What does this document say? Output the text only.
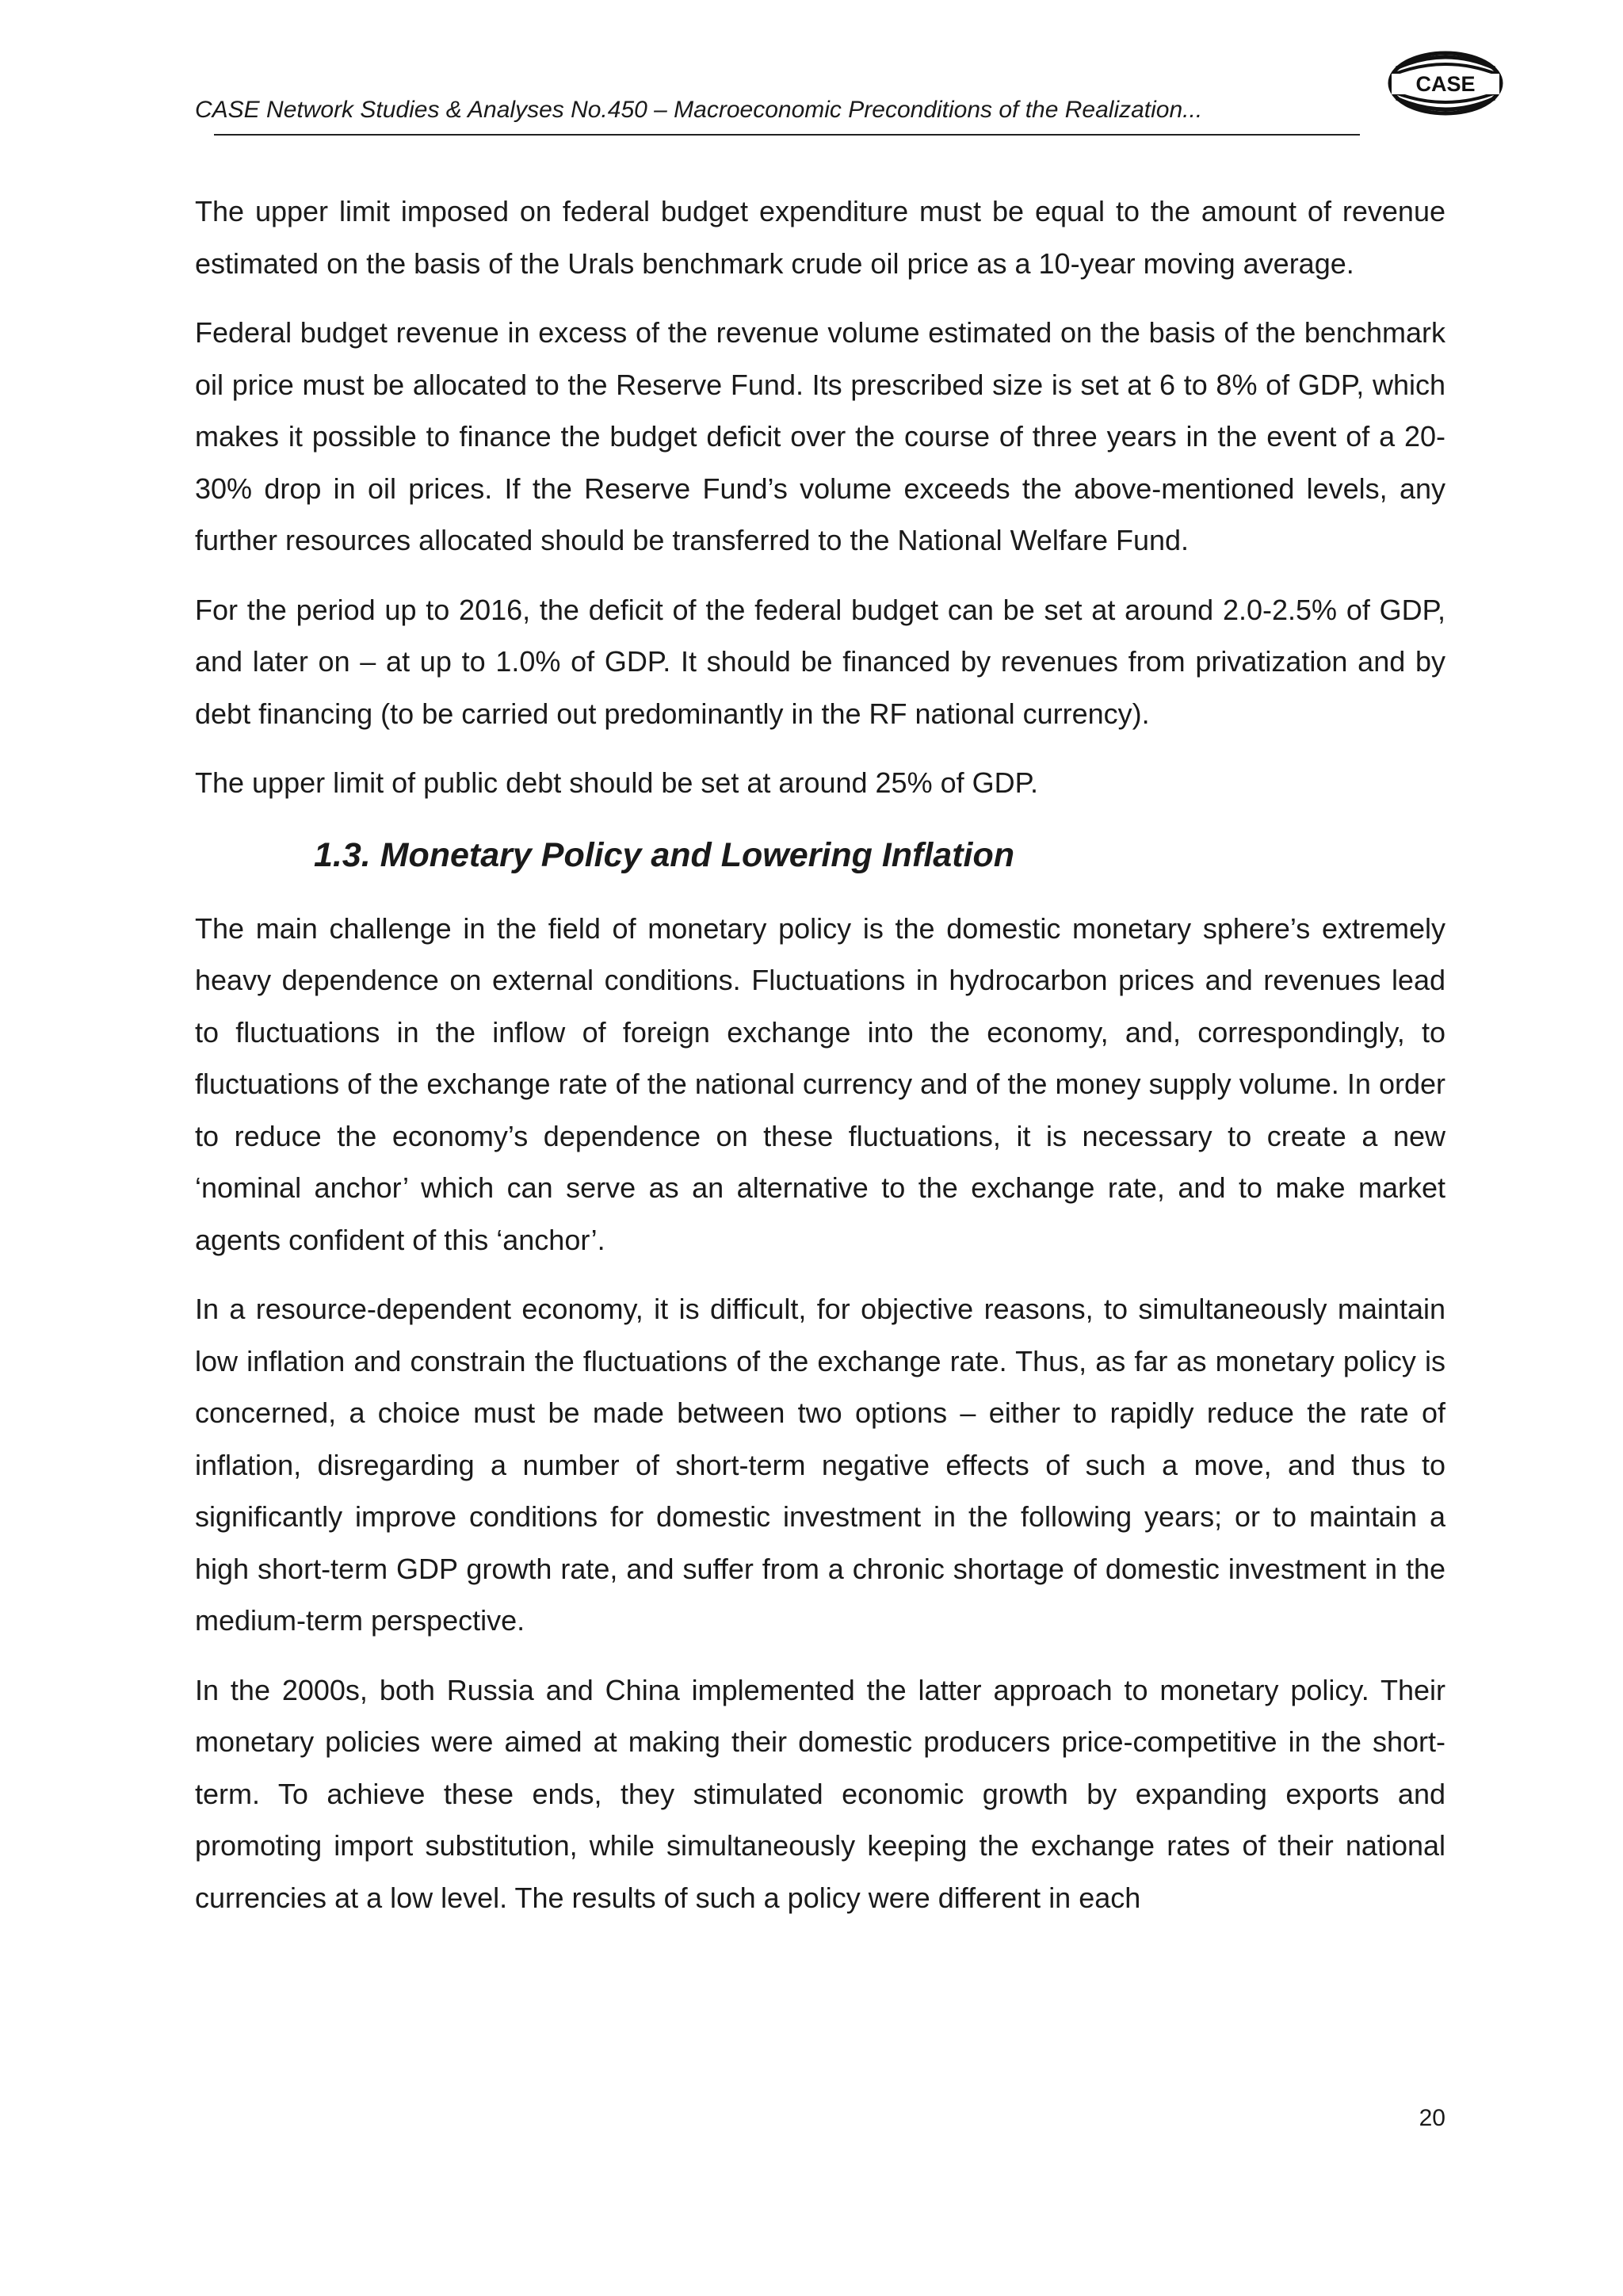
CASE Network Studies & Analyses No.450 – Macroeconomic Preconditions of the Realization...
CASE

The upper limit imposed on federal budget expenditure must be equal to the amount of revenue estimated on the basis of the Urals benchmark crude oil price as a 10-year moving average.

Federal budget revenue in excess of the revenue volume estimated on the basis of the benchmark oil price must be allocated to the Reserve Fund. Its prescribed size is set at 6 to 8% of GDP, which makes it possible to finance the budget deficit over the course of three years in the event of a 20-30% drop in oil prices. If the Reserve Fund’s volume exceeds the above-mentioned levels, any further resources allocated should be transferred to the National Welfare Fund.

For the period up to 2016, the deficit of the federal budget can be set at around 2.0-2.5% of GDP, and later on – at up to 1.0% of GDP. It should be financed by revenues from privatization and by debt financing (to be carried out predominantly in the RF national currency).

The upper limit of public debt should be set at around 25% of GDP.

1.3. Monetary Policy and Lowering Inflation

The main challenge in the field of monetary policy is the domestic monetary sphere’s extremely heavy dependence on external conditions. Fluctuations in hydrocarbon prices and revenues lead to fluctuations in the inflow of foreign exchange into the economy, and, correspondingly, to fluctuations of the exchange rate of the national currency and of the money supply volume. In order to reduce the economy’s dependence on these fluctuations, it is necessary to create a new ‘nominal anchor’ which can serve as an alternative to the exchange rate, and to make market agents confident of this ‘anchor’.

In a resource-dependent economy, it is difficult, for objective reasons, to simultaneously maintain low inflation and constrain the fluctuations of the exchange rate. Thus, as far as monetary policy is concerned, a choice must be made between two options – either to rapidly reduce the rate of inflation, disregarding a number of short-term negative effects of such a move, and thus to significantly improve conditions for domestic investment in the following years; or to maintain a high short-term GDP growth rate, and suffer from a chronic shortage of domestic investment in the medium-term perspective.

In the 2000s, both Russia and China implemented the latter approach to monetary policy. Their monetary policies were aimed at making their domestic producers price-competitive in the short-term. To achieve these ends, they stimulated economic growth by expanding exports and promoting import substitution, while simultaneously keeping the exchange rates of their national currencies at a low level. The results of such a policy were different in each

20
